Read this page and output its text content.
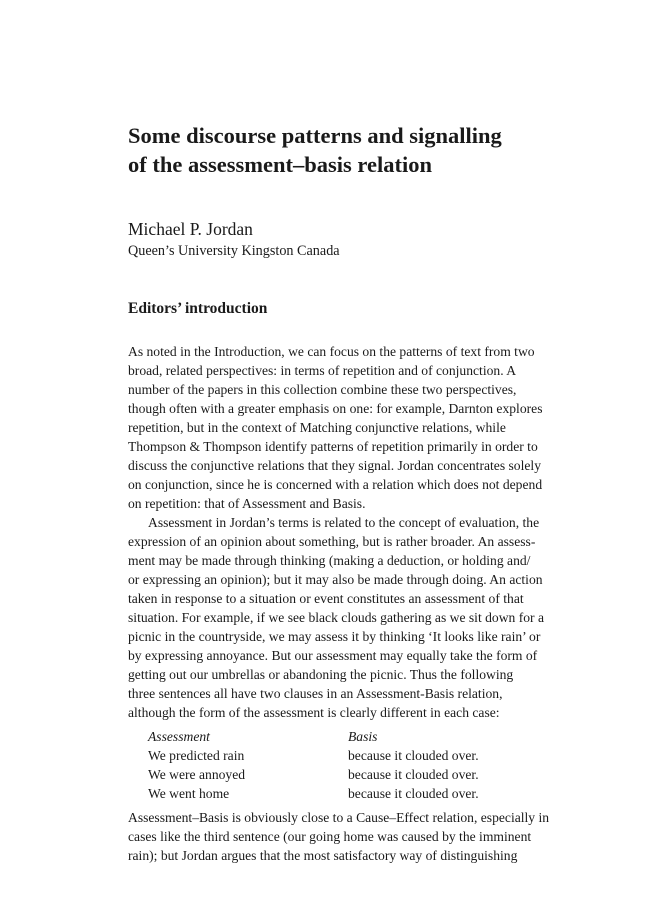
Some discourse patterns and signalling
of the assessment–basis relation

Michael P. Jordan

Queen’s University Kingston Canada

Editors’ introduction

As noted in the Introduction, we can focus on the patterns of text from two
broad, related perspectives: in terms of repetition and of conjunction. A
number of the papers in this collection combine these two perspectives,
though often with a greater emphasis on one: for example, Darnton explores
repetition, but in the context of Matching conjunctive relations, while
Thompson & Thompson identify patterns of repetition primarily in order to
discuss the conjunctive relations that they signal. Jordan concentrates solely
on conjunction, since he is concerned with a relation which does not depend
on repetition: that of Assessment and Basis.

Assessment in Jordan’s terms is related to the concept of evaluation, the
expression of an opinion about something, but is rather broader. An assess-
ment may be made through thinking (making a deduction, or holding and/
or expressing an opinion); but it may also be made through doing. An action
taken in response to a situation or event constitutes an assessment of that
situation. For example, if we see black clouds gathering as we sit down for a
picnic in the countryside, we may assess it by thinking ‘It looks like rain’ or
by expressing annoyance. But our assessment may equally take the form of
getting out our umbrellas or abandoning the picnic. Thus the following
three sentences all have two clauses in an Assessment-Basis relation,
although the form of the assessment is clearly different in each case:

Assessment	Basis
We predicted rain	because it clouded over.
We were annoyed	because it clouded over.
We went home	because it clouded over.

Assessment–Basis is obviously close to a Cause–Effect relation, especially in
cases like the third sentence (our going home was caused by the imminent
rain); but Jordan argues that the most satisfactory way of distinguishing
